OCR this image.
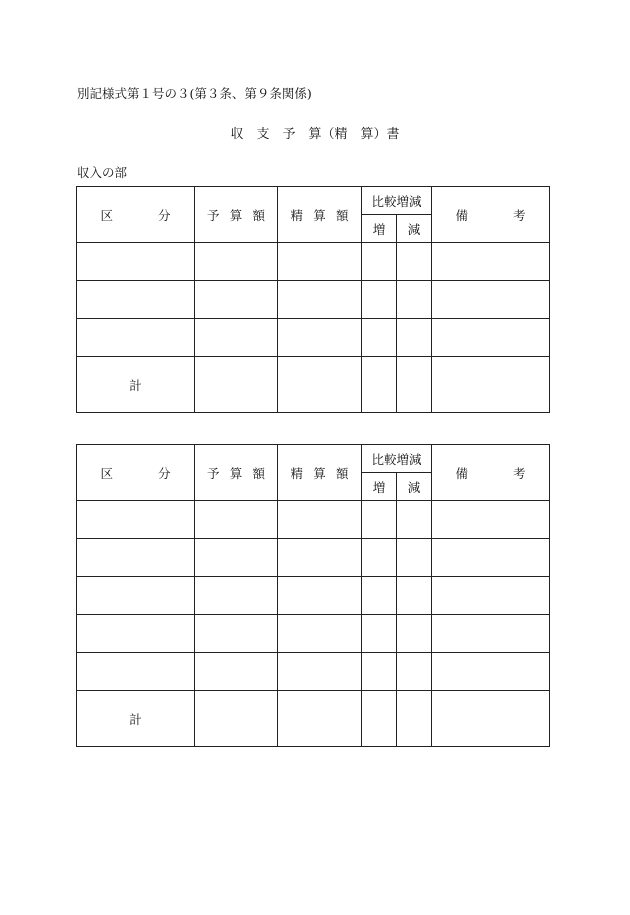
別記様式第１号の３(第３条、第９条関係)
収　支　予　算（精　算）書
収入の部
区　　分	予算額	精算額	比較増減		備　考
			増	減	

計					
区　　分	予算額	精算額	比較増減		備　考
			増	減	

計					
